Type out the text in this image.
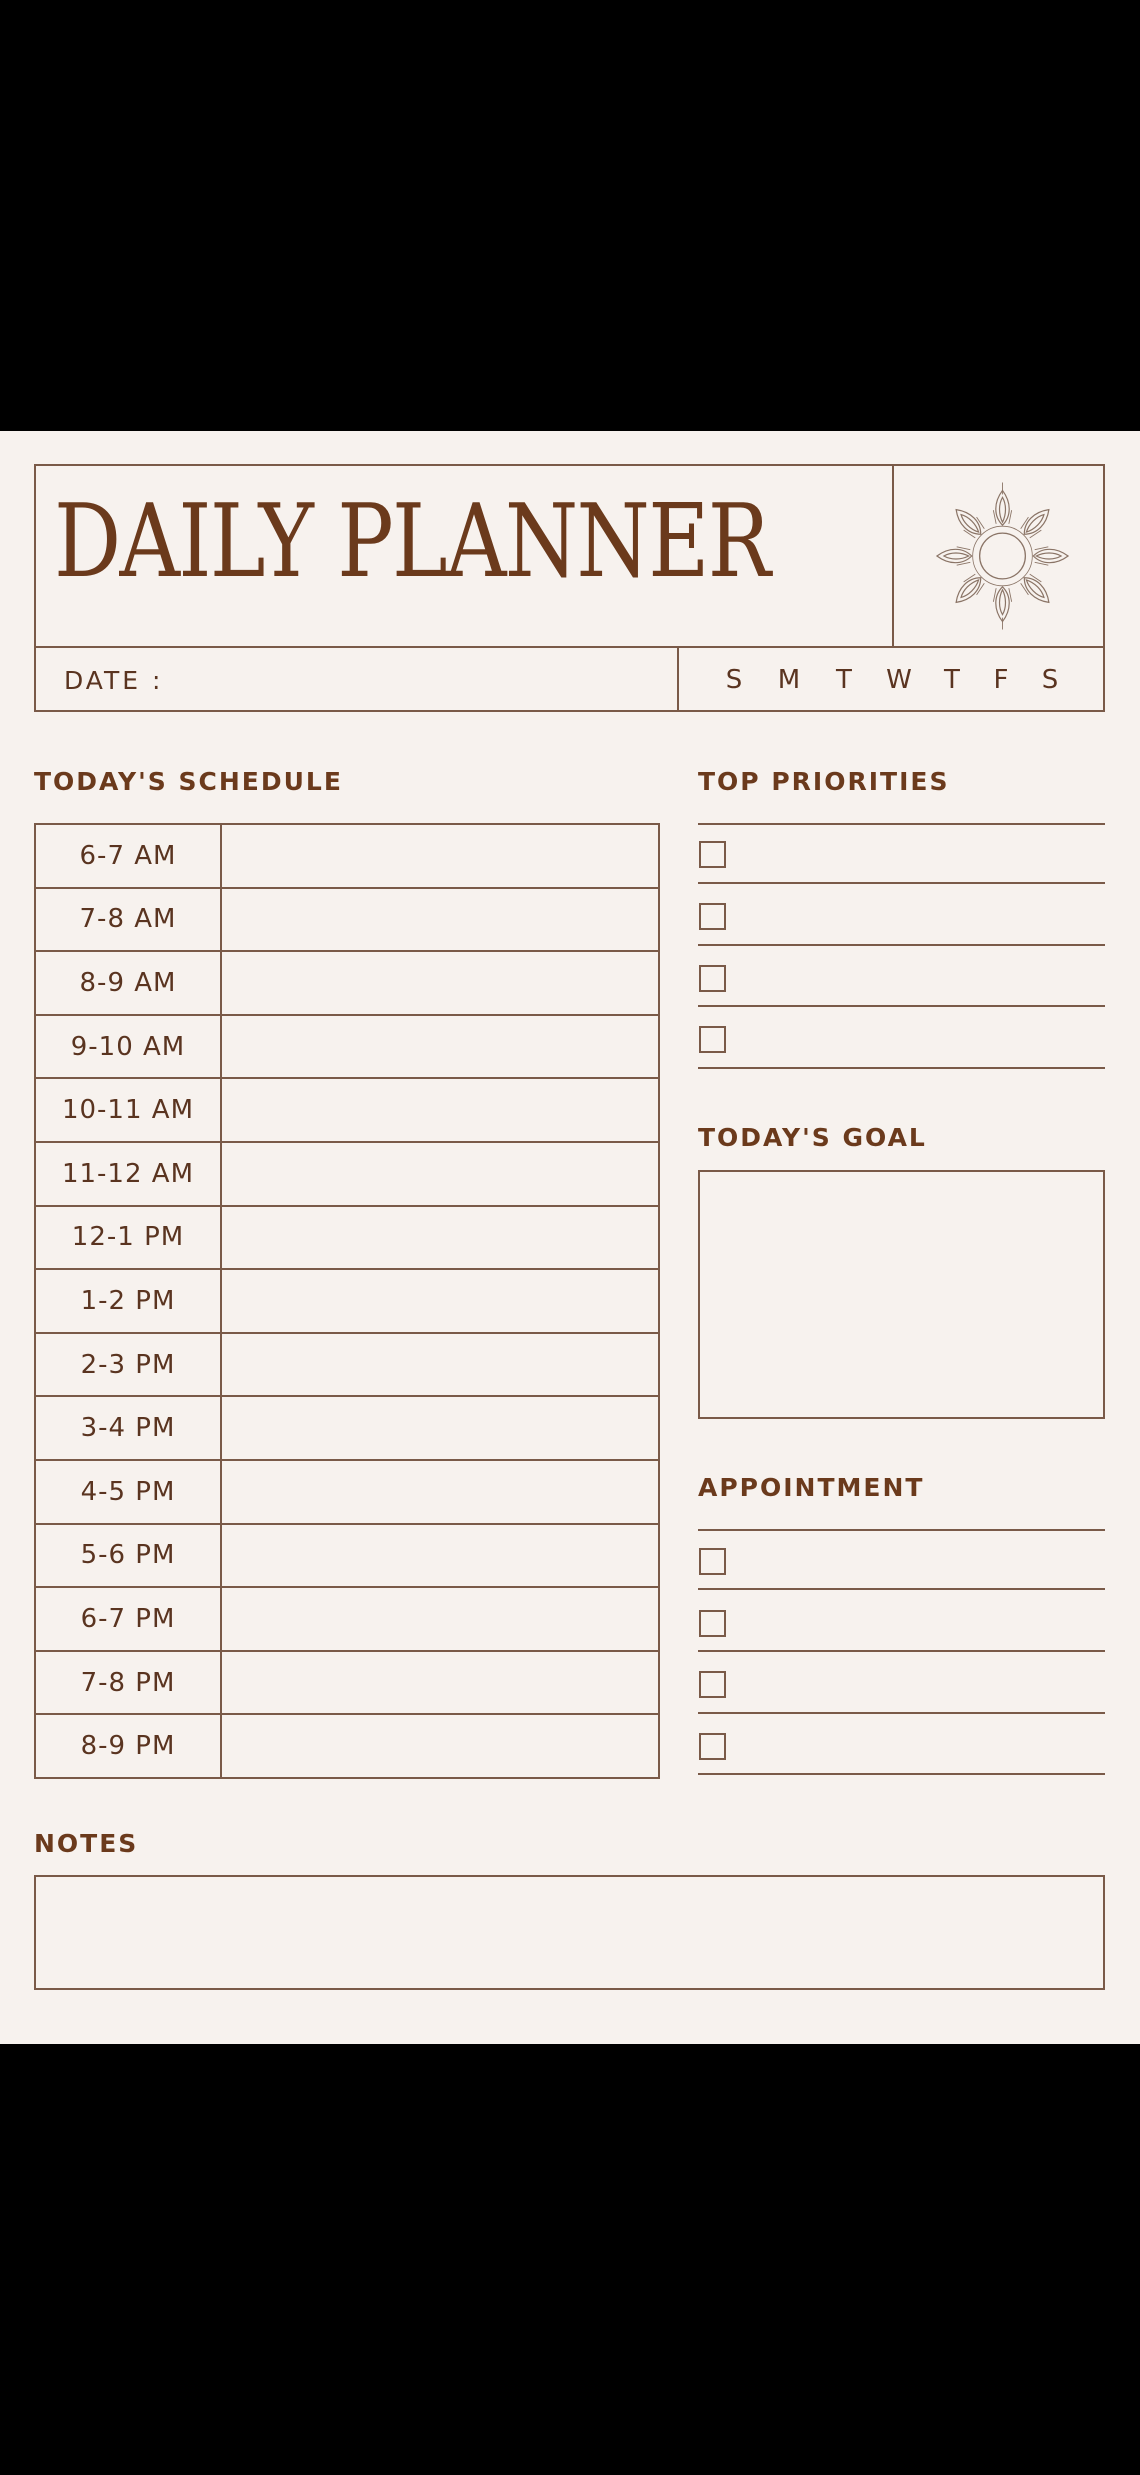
DAILY PLANNER
DATE :	S M T W T F S
TODAY'S SCHEDULE
6-7 AM
7-8 AM
8-9 AM
9-10 AM
10-11 AM
11-12 AM
12-1 PM
1-2 PM
2-3 PM
3-4 PM
4-5 PM
5-6 PM
6-7 PM
7-8 PM
8-9 PM
TOP PRIORITIES
TODAY'S GOAL
APPOINTMENT
NOTES
